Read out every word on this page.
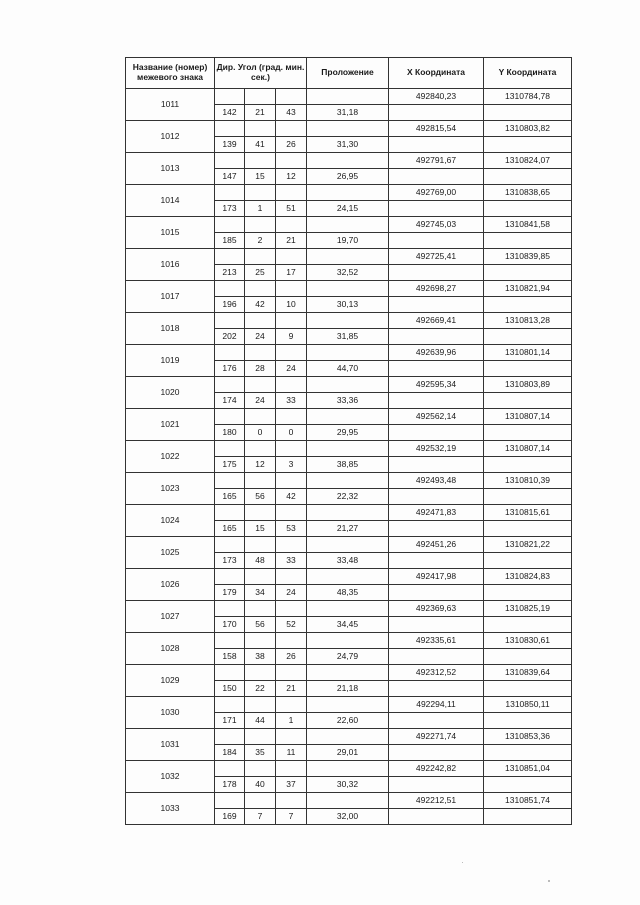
Название (номер) межевого знака	Дир. Угол (град. мин. сек.)			Проложение	X Координата	Y Координата
1011					492840,23	1310784,78
	142	21	43	31,18		
1012					492815,54	1310803,82
	139	41	26	31,30		
1013					492791,67	1310824,07
	147	15	12	26,95		
1014					492769,00	1310838,65
	173	1	51	24,15		
1015					492745,03	1310841,58
	185	2	21	19,70		
1016					492725,41	1310839,85
	213	25	17	32,52		
1017					492698,27	1310821,94
	196	42	10	30,13		
1018					492669,41	1310813,28
	202	24	9	31,85		
1019					492639,96	1310801,14
	176	28	24	44,70		
1020					492595,34	1310803,89
	174	24	33	33,36		
1021					492562,14	1310807,14
	180	0	0	29,95		
1022					492532,19	1310807,14
	175	12	3	38,85		
1023					492493,48	1310810,39
	165	56	42	22,32		
1024					492471,83	1310815,61
	165	15	53	21,27		
1025					492451,26	1310821,22
	173	48	33	33,48		
1026					492417,98	1310824,83
	179	34	24	48,35		
1027					492369,63	1310825,19
	170	56	52	34,45		
1028					492335,61	1310830,61
	158	38	26	24,79		
1029					492312,52	1310839,64
	150	22	21	21,18		
1030					492294,11	1310850,11
	171	44	1	22,60		
1031					492271,74	1310853,36
	184	35	11	29,01		
1032					492242,82	1310851,04
	178	40	37	30,32		
1033					492212,51	1310851,74
	169	7	7	32,00		
